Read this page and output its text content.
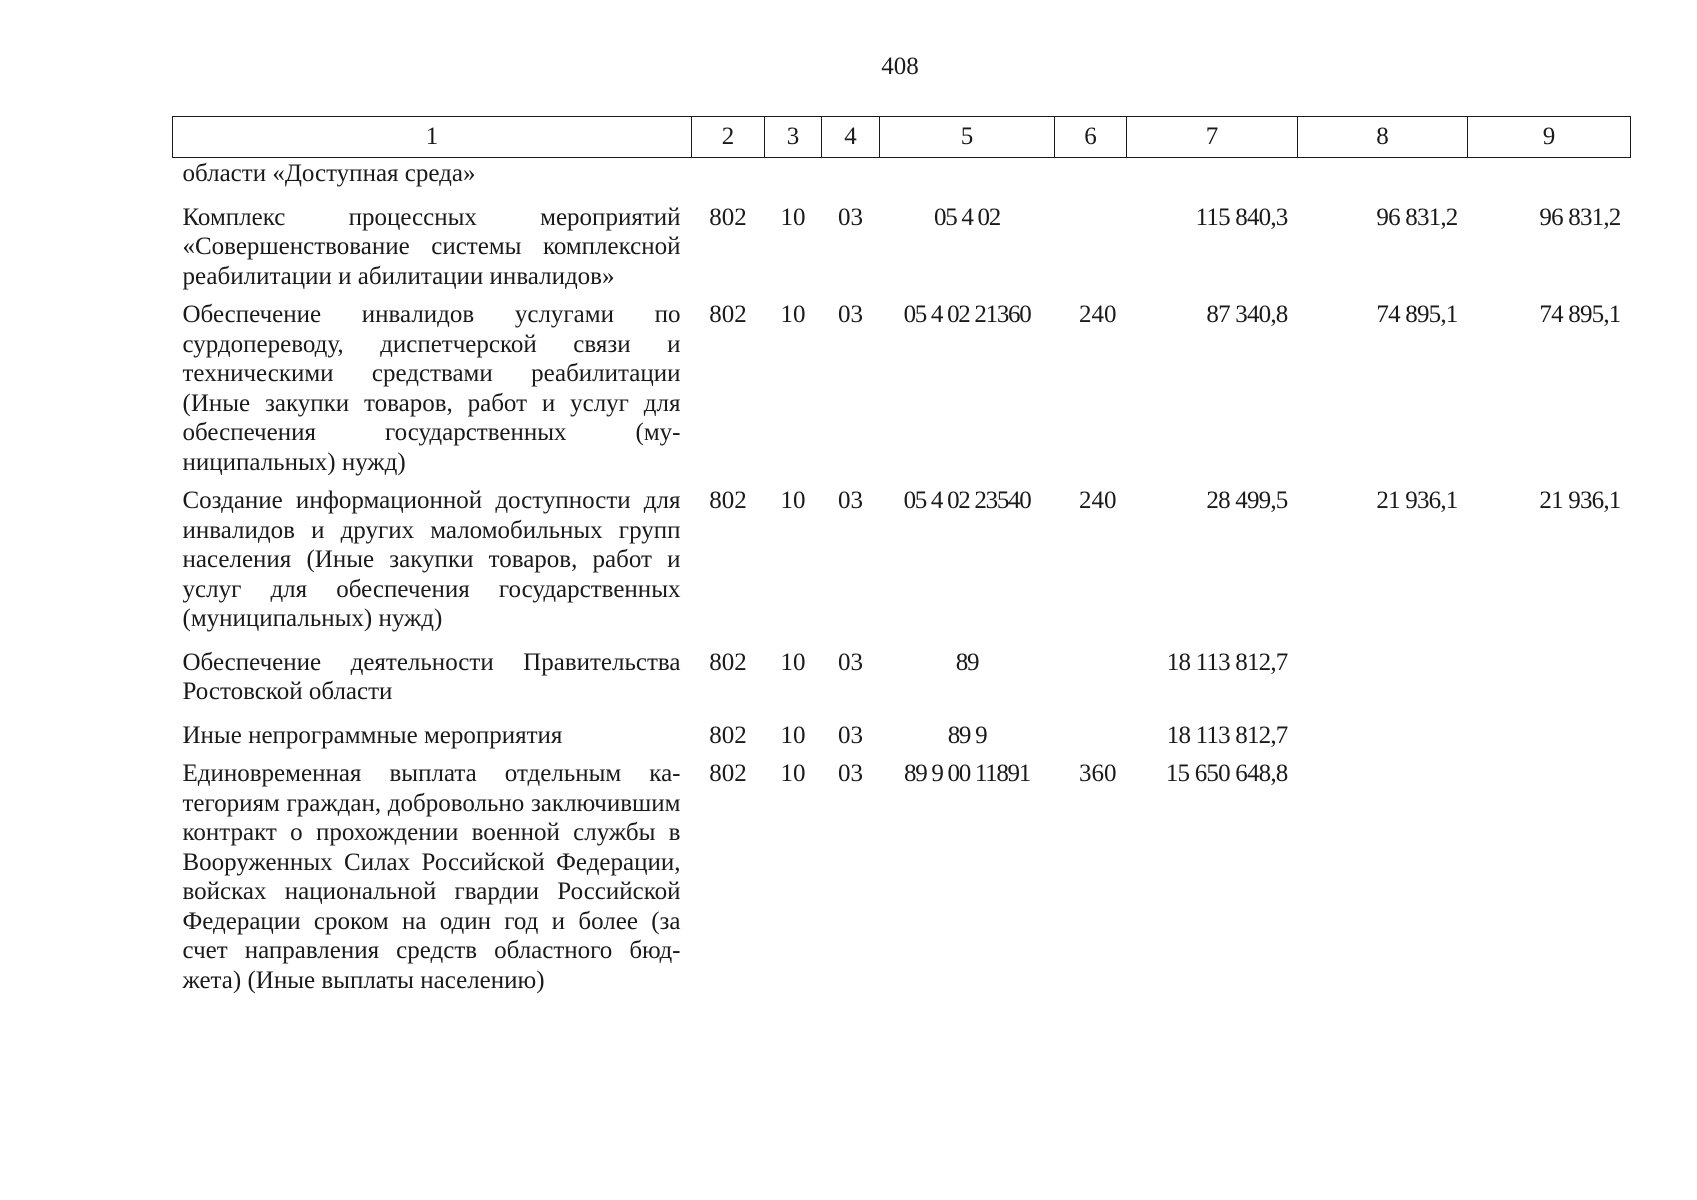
408
1	2	3	4	5	6	7	8	9
области «Доступная среда»								
Комплекс процессных мероприятий «Совершенствование системы комплексной реабилитации и абилитации инвалидов»	802	10	03	05 4 02		115 840,3	96 831,2	96 831,2
Обеспечение инвалидов услугами по сурдопереводу, диспетчерской связи и техническими средствами реабилитации (Иные закупки товаров, работ и услуг для обеспечения государственных (муниципальных) нужд)	802	10	03	05 4 02 21360	240	87 340,8	74 895,1	74 895,1
Создание информационной доступности для инвалидов и других маломобильных групп населения (Иные закупки товаров, работ и услуг для обеспечения государственных (муниципальных) нужд)	802	10	03	05 4 02 23540	240	28 499,5	21 936,1	21 936,1
Обеспечение деятельности Правительства Ростовской области	802	10	03	89		18 113 812,7		
Иные непрограммные мероприятия	802	10	03	89 9		18 113 812,7		
Единовременная выплата отдельным категориям граждан, добровольно заключившим контракт о прохождении военной службы в Вооруженных Силах Российской Федерации, войсках национальной гвардии Российской Федерации сроком на один год и более (за счет направления средств областного бюджета) (Иные выплаты населению)	802	10	03	89 9 00 11891	360	15 650 648,8		
